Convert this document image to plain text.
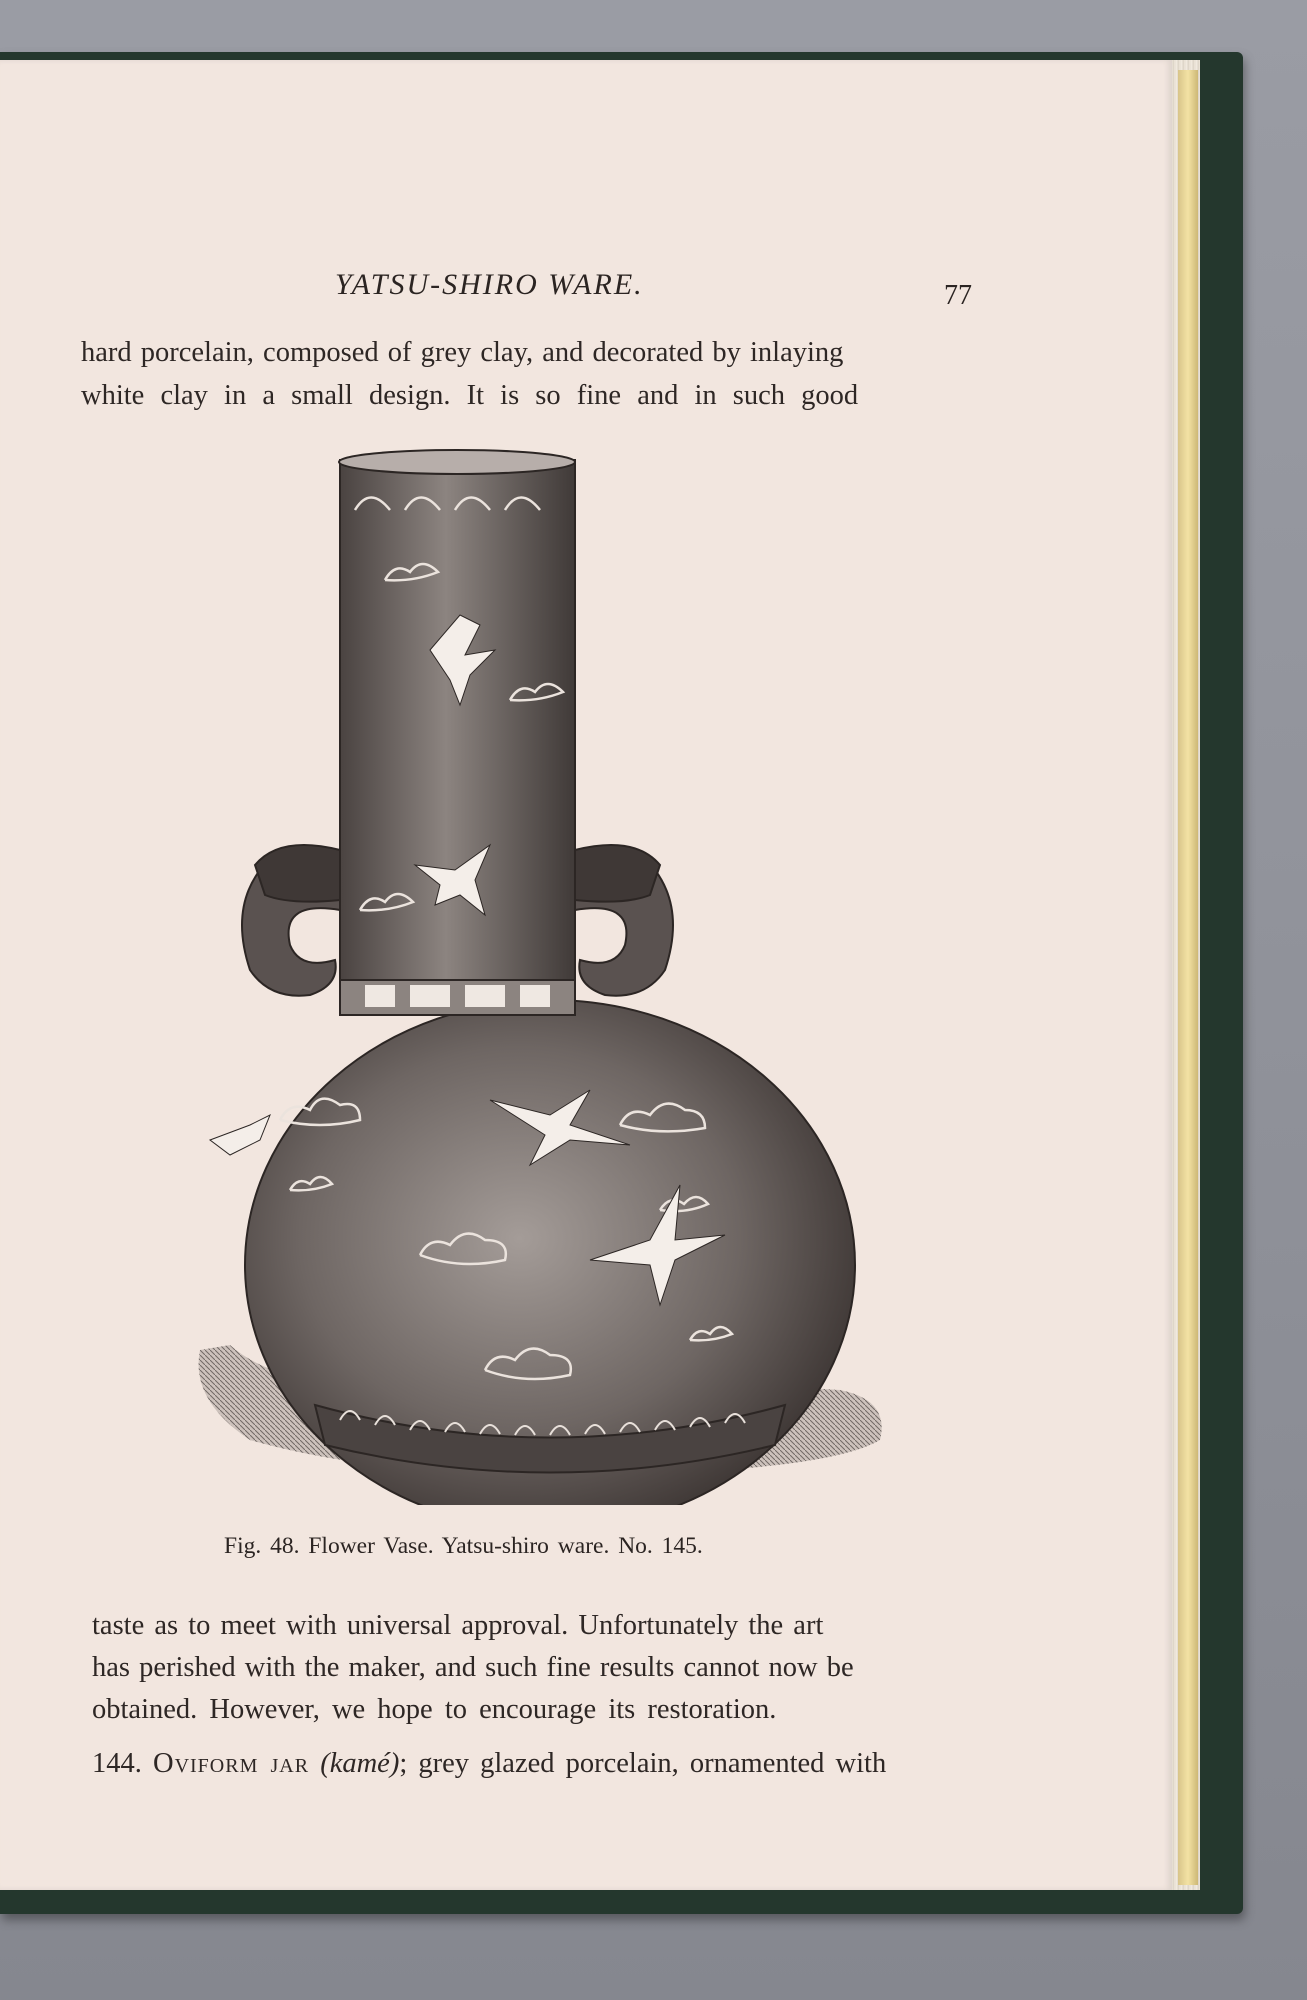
YATSU-SHIRO WARE.	77
hard porcelain, composed of grey clay, and decorated by inlaying
white clay in a small design. It is so fine and in such good
Fig. 48. Flower Vase. Yatsu-shiro ware. No. 145.
taste as to meet with universal approval. Unfortunately the art
has perished with the maker, and such fine results cannot now be
obtained. However, we hope to encourage its restoration.
144. Oviform jar (kamé); grey glazed porcelain, ornamented with
